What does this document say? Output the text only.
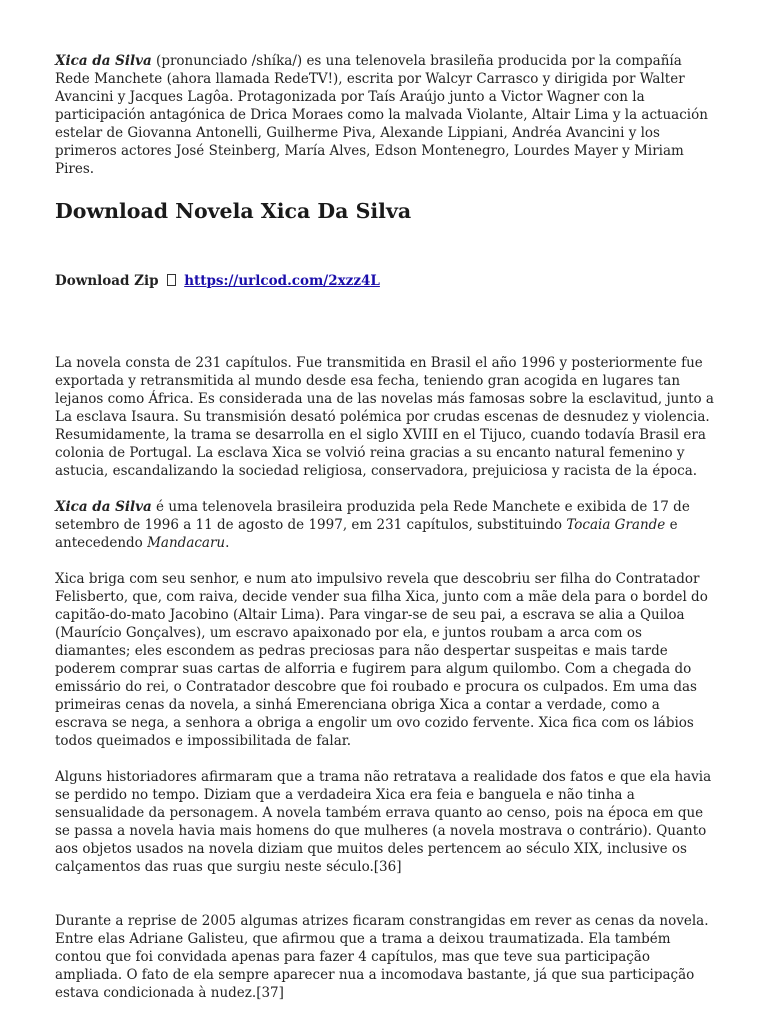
Xica da Silva (pronunciado /shíka/) es una telenovela brasileña producida por la compañía Rede Manchete (ahora llamada RedeTV!), escrita por Walcyr Carrasco y dirigida por Walter Avancini y Jacques Lagôa. Protagonizada por Taís Araújo junto a Victor Wagner con la participación antagónica de Drica Moraes como la malvada Violante, Altair Lima y la actuación estelar de Giovanna Antonelli, Guilherme Piva, Alexande Lippiani, Andréa Avancini y los primeros actores José Steinberg, María Alves, Edson Montenegro, Lourdes Mayer y Miriam Pires.

Download Novela Xica Da Silva

Download Zip https://urlcod.com/2xzz4L

La novela consta de 231 capítulos. Fue transmitida en Brasil el año 1996 y posteriormente fue exportada y retransmitida al mundo desde esa fecha, teniendo gran acogida en lugares tan lejanos como África. Es considerada una de las novelas más famosas sobre la esclavitud, junto a La esclava Isaura. Su transmisión desató polémica por crudas escenas de desnudez y violencia. Resumidamente, la trama se desarrolla en el siglo XVIII en el Tijuco, cuando todavía Brasil era colonia de Portugal. La esclava Xica se volvió reina gracias a su encanto natural femenino y astucia, escandalizando la sociedad religiosa, conservadora, prejuiciosa y racista de la época.

Xica da Silva é uma telenovela brasileira produzida pela Rede Manchete e exibida de 17 de setembro de 1996 a 11 de agosto de 1997, em 231 capítulos, substituindo Tocaia Grande e antecedendo Mandacaru.

Xica briga com seu senhor, e num ato impulsivo revela que descobriu ser filha do Contratador Felisberto, que, com raiva, decide vender sua filha Xica, junto com a mãe dela para o bordel do capitão-do-mato Jacobino (Altair Lima). Para vingar-se de seu pai, a escrava se alia a Quiloa (Maurício Gonçalves), um escravo apaixonado por ela, e juntos roubam a arca com os diamantes; eles escondem as pedras preciosas para não despertar suspeitas e mais tarde poderem comprar suas cartas de alforria e fugirem para algum quilombo. Com a chegada do emissário do rei, o Contratador descobre que foi roubado e procura os culpados. Em uma das primeiras cenas da novela, a sinhá Emerenciana obriga Xica a contar a verdade, como a escrava se nega, a senhora a obriga a engolir um ovo cozido fervente. Xica fica com os lábios todos queimados e impossibilitada de falar.

Alguns historiadores afirmaram que a trama não retratava a realidade dos fatos e que ela havia se perdido no tempo. Diziam que a verdadeira Xica era feia e banguela e não tinha a sensualidade da personagem. A novela também errava quanto ao censo, pois na época em que se passa a novela havia mais homens do que mulheres (a novela mostrava o contrário). Quanto aos objetos usados na novela diziam que muitos deles pertencem ao século XIX, inclusive os calçamentos das ruas que surgiu neste século.[36]

Durante a reprise de 2005 algumas atrizes ficaram constrangidas em rever as cenas da novela. Entre elas Adriane Galisteu, que afirmou que a trama a deixou traumatizada. Ela também contou que foi convidada apenas para fazer 4 capítulos, mas que teve sua participação ampliada. O fato de ela sempre aparecer nua a incomodava bastante, já que sua participação estava condicionada à nudez.[37]
